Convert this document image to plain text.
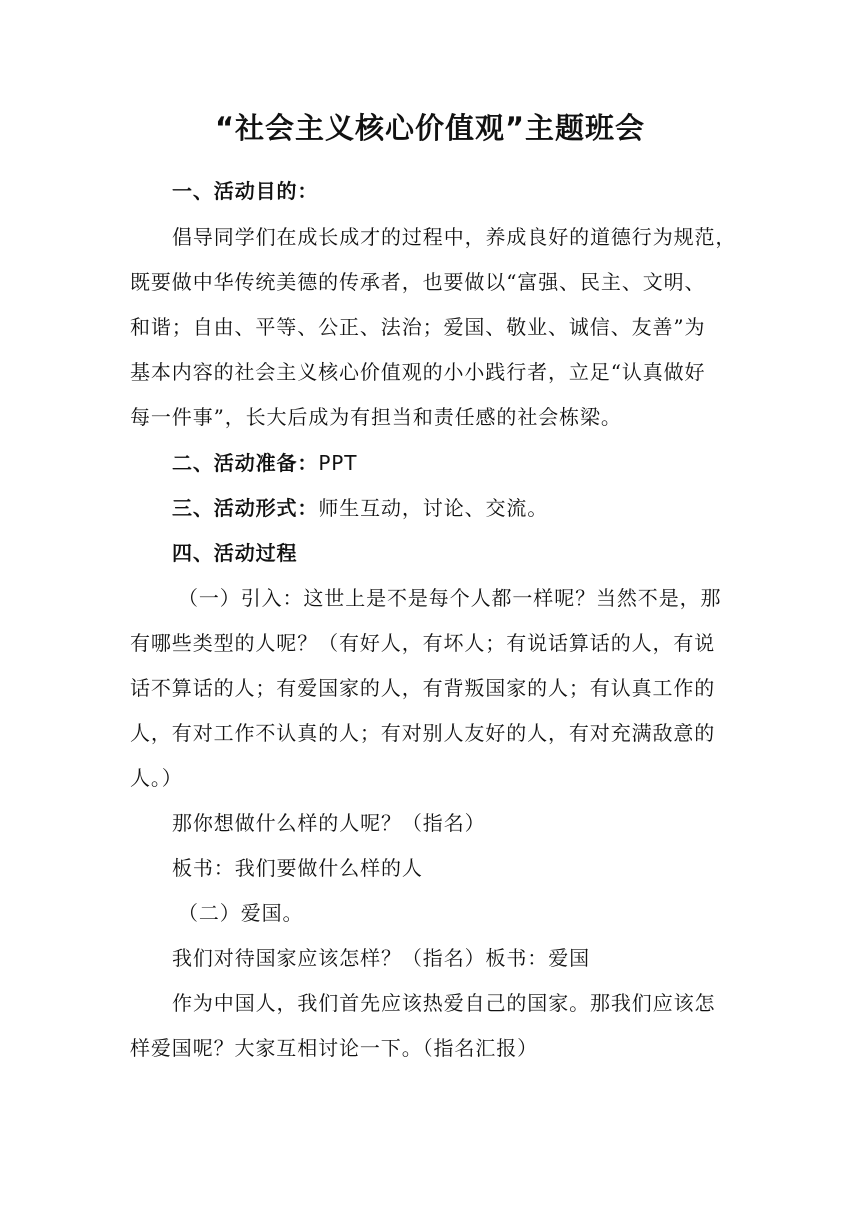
“社会主义核心价值观”主题班会
一、活动目的：
倡导同学们在成长成才的过程中，养成良好的道德行为规范，
既要做中华传统美德的传承者，也要做以“富强、民主、文明、
和谐；自由、平等、公正、法治；爱国、敬业、诚信、友善”为
基本内容的社会主义核心价值观的小小践行者，立足“认真做好
每一件事”，长大后成为有担当和责任感的社会栋梁。
二、活动准备：PPT
三、活动形式：师生互动，讨论、交流。
四、活动过程
（一）引入：这世上是不是每个人都一样呢？当然不是，那
有哪些类型的人呢？（有好人，有坏人；有说话算话的人，有说
话不算话的人；有爱国家的人，有背叛国家的人；有认真工作的
人，有对工作不认真的人；有对别人友好的人，有对充满敌意的
人。）
那你想做什么样的人呢？（指名）
板书：我们要做什么样的人
（二）爱国。
我们对待国家应该怎样？（指名）板书：爱国
作为中国人，我们首先应该热爱自己的国家。那我们应该怎
样爱国呢？大家互相讨论一下。（指名汇报）
